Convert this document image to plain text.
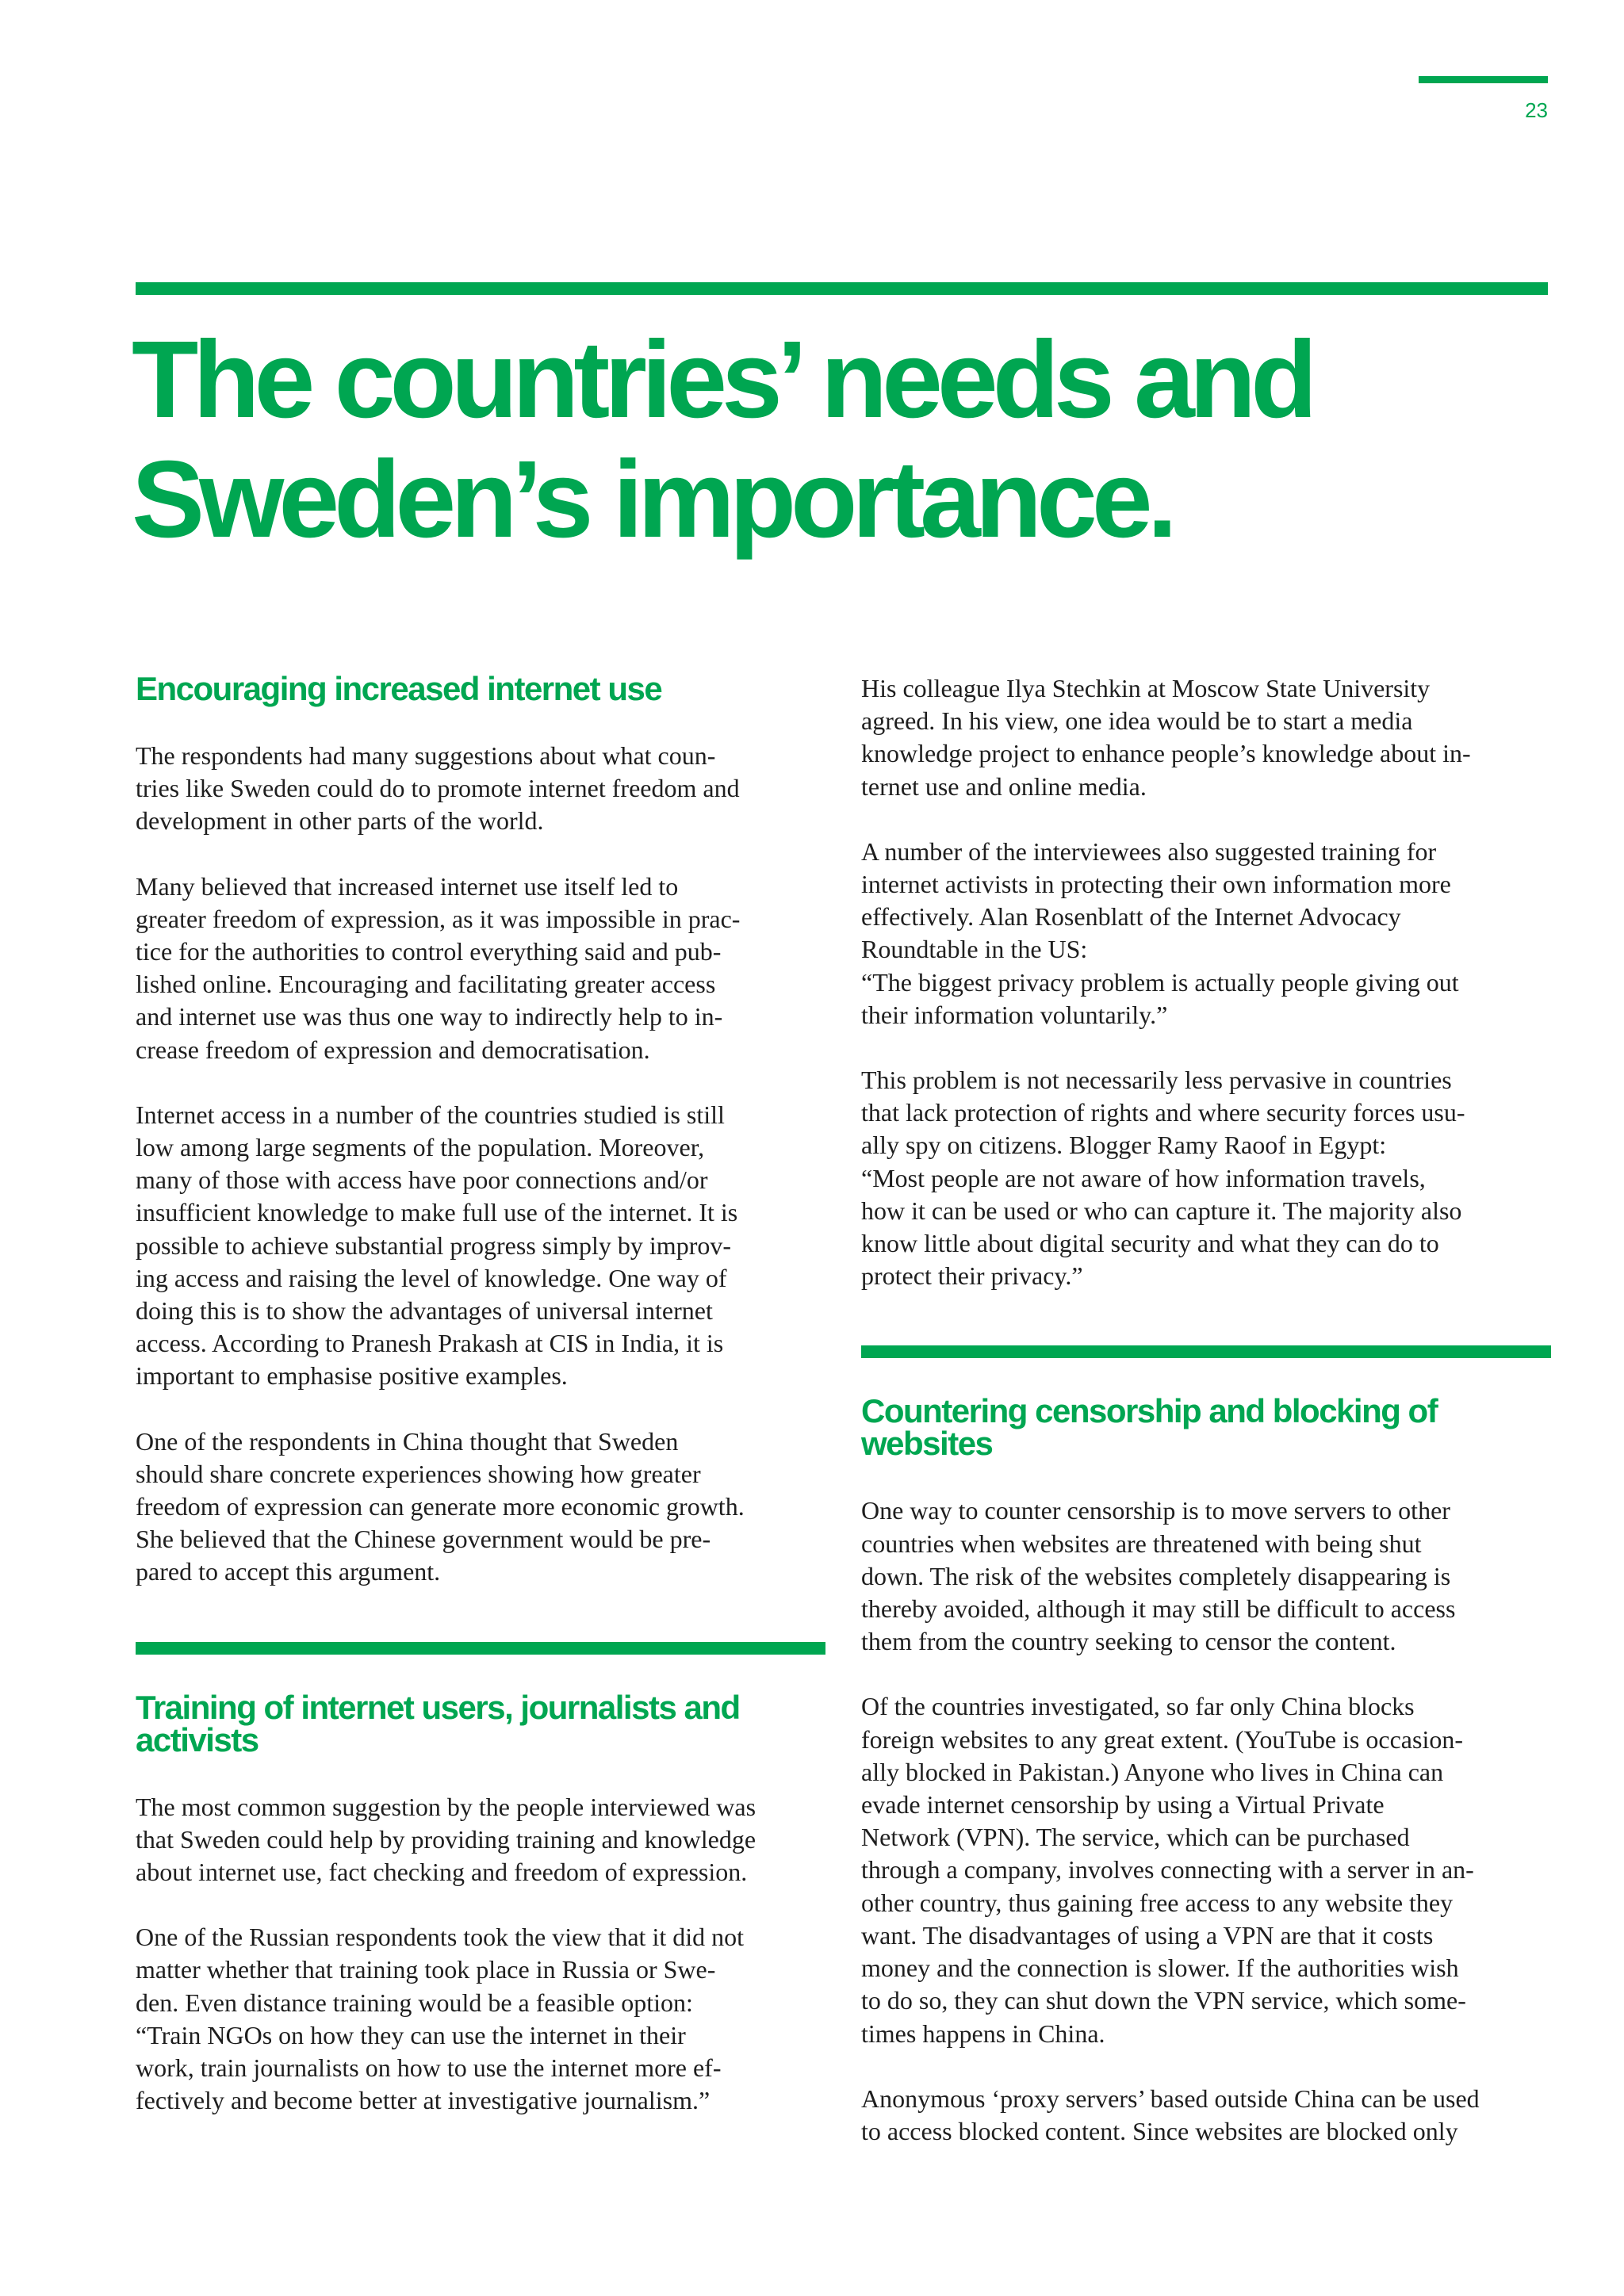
23
The countries’ needs and
Sweden’s importance.
Encouraging increased internet use

The respondents had many suggestions about what coun-
tries like Sweden could do to promote internet freedom and
development in other parts of the world.

Many believed that increased internet use itself led to
greater freedom of expression, as it was impossible in prac-
tice for the authorities to control everything said and pub-
lished online. Encouraging and facilitating greater access
and internet use was thus one way to indirectly help to in-
crease freedom of expression and democratisation.

Internet access in a number of the countries studied is still
low among large segments of the population. Moreover,
many of those with access have poor connections and/or
insufficient knowledge to make full use of the internet. It is
possible to achieve substantial progress simply by improv-
ing access and raising the level of knowledge. One way of
doing this is to show the advantages of universal internet
access. According to Pranesh Prakash at CIS in India, it is
important to emphasise positive examples.

One of the respondents in China thought that Sweden
should share concrete experiences showing how greater
freedom of expression can generate more economic growth.
She believed that the Chinese government would be pre-
pared to accept this argument.

Training of internet users, journalists and
activists

The most common suggestion by the people interviewed was
that Sweden could help by providing training and knowledge
about internet use, fact checking and freedom of expression.

One of the Russian respondents took the view that it did not
matter whether that training took place in Russia or Swe-
den. Even distance training would be a feasible option:
“Train NGOs on how they can use the internet in their
work, train journalists on how to use the internet more ef-
fectively and become better at investigative journalism.”

His colleague Ilya Stechkin at Moscow State University
agreed. In his view, one idea would be to start a media
knowledge project to enhance people’s knowledge about in-
ternet use and online media.

A number of the interviewees also suggested training for
internet activists in protecting their own information more
effectively. Alan Rosenblatt of the Internet Advocacy
Roundtable in the US:
“The biggest privacy problem is actually people giving out
their information voluntarily.”

This problem is not necessarily less pervasive in countries
that lack protection of rights and where security forces usu-
ally spy on citizens. Blogger Ramy Raoof in Egypt:
“Most people are not aware of how information travels,
how it can be used or who can capture it. The majority also
know little about digital security and what they can do to
protect their privacy.”

Countering censorship and blocking of
websites

One way to counter censorship is to move servers to other
countries when websites are threatened with being shut
down. The risk of the websites completely disappearing is
thereby avoided, although it may still be difficult to access
them from the country seeking to censor the content.

Of the countries investigated, so far only China blocks
foreign websites to any great extent. (YouTube is occasion-
ally blocked in Pakistan.) Anyone who lives in China can
evade internet censorship by using a Virtual Private
Network (VPN). The service, which can be purchased
through a company, involves connecting with a server in an-
other country, thus gaining free access to any website they
want. The disadvantages of using a VPN are that it costs
money and the connection is slower. If the authorities wish
to do so, they can shut down the VPN service, which some-
times happens in China.

Anonymous ‘proxy servers’ based outside China can be used
to access blocked content. Since websites are blocked only
